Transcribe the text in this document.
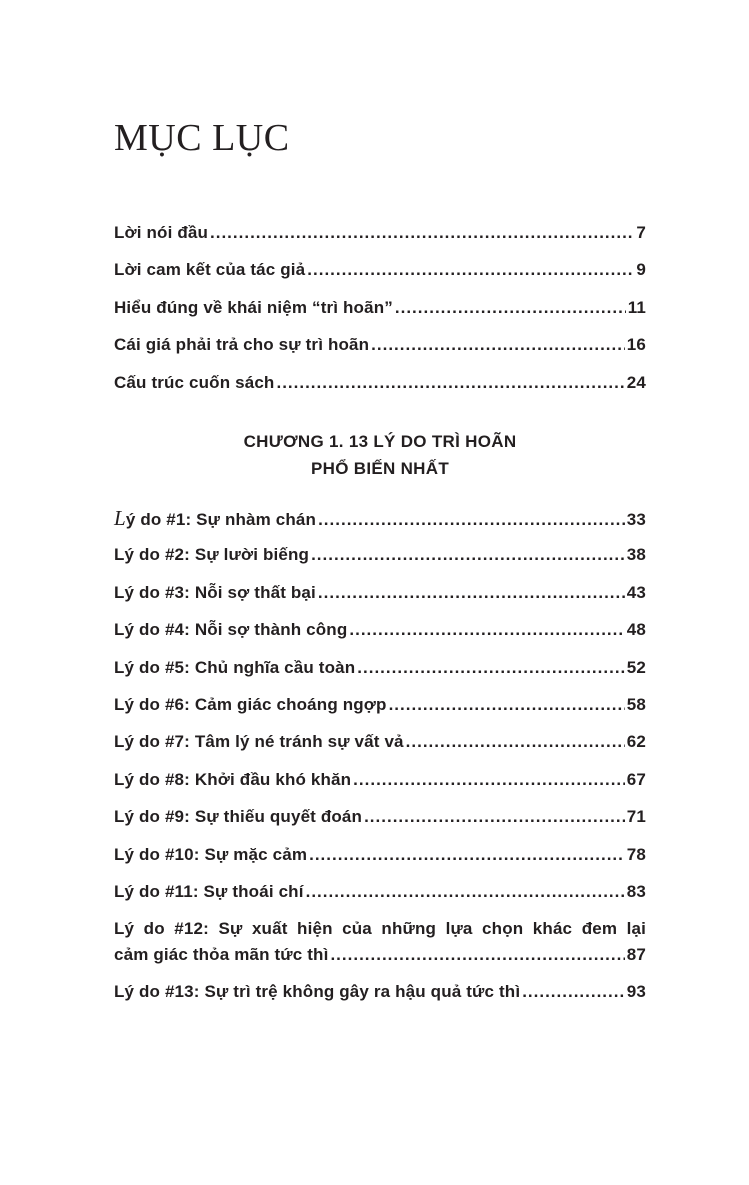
MỤC LỤC
Lời nói đầu .....	7
Lời cam kết của tác giả .....	9
Hiểu đúng về khái niệm “trì hoãn” .....	11
Cái giá phải trả cho sự trì hoãn .....	16
Cấu trúc cuốn sách .....	24
CHƯƠNG 1. 13 LÝ DO TRÌ HOÃN
PHỔ BIẾN NHẤT
Lý do #1: Sự nhàm chán .....	33
Lý do #2: Sự lười biếng .....	38
Lý do #3: Nỗi sợ thất bại .....	43
Lý do #4: Nỗi sợ thành công .....	48
Lý do #5: Chủ nghĩa cầu toàn .....	52
Lý do #6: Cảm giác choáng ngợp .....	58
Lý do #7: Tâm lý né tránh sự vất vả .....	62
Lý do #8: Khởi đầu khó khăn .....	67
Lý do #9: Sự thiếu quyết đoán .....	71
Lý do #10: Sự mặc cảm .....	78
Lý do #11: Sự thoái chí .....	83
Lý do #12: Sự xuất hiện của những lựa chọn khác đem lại
cảm giác thỏa mãn tức thì .....	87
Lý do #13: Sự trì trệ không gây ra hậu quả tức thì .....	93
